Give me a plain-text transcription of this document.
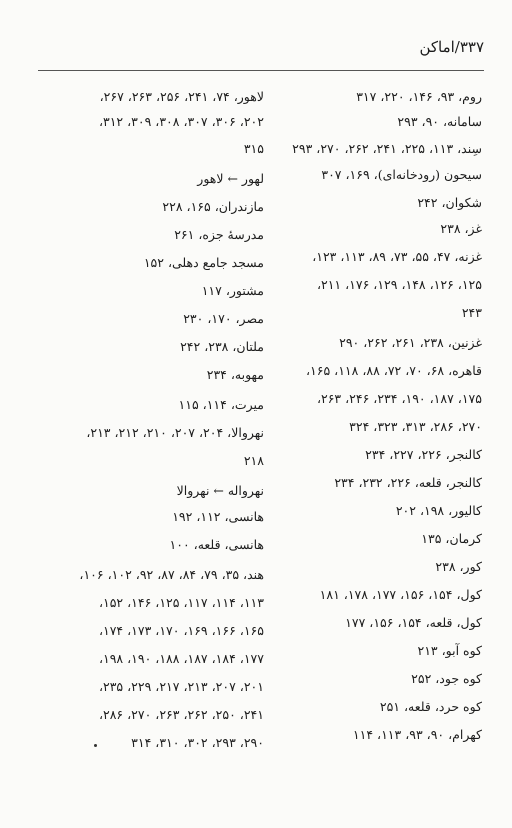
۳۳۷/اماکن
روم، ۹۳، ۱۴۶، ۲۲۰، ۳۱۷
سامانه، ۹۰، ۲۹۳
سِند، ۱۱۳، ۲۲۵، ۲۴۱، ۲۶۲، ۲۷۰، ۲۹۳
سیحون (رودخانه‌ای)، ۱۶۹، ۳۰۷
شکوان، ۲۴۲
غز، ۲۳۸
غزنه، ۴۷، ۵۵، ۷۳، ۸۹، ۱۱۳، ۱۲۳،
۱۲۵، ۱۲۶، ۱۴۸، ۱۲۹، ۱۷۶، ۲۱۱،
۲۴۳
غزنین، ۲۳۸، ۲۶۱، ۲۶۲، ۲۹۰
قاهره، ۶۸، ۷۰، ۷۲، ۸۸، ۱۱۸، ۱۶۵،
۱۷۵، ۱۸۷، ۱۹۰، ۲۳۴، ۲۴۶، ۲۶۳،
۲۷۰، ۲۸۶، ۳۱۳، ۳۲۳، ۳۲۴
کالنجر، ۲۲۶، ۲۲۷، ۲۳۴
کالنجر، قلعه، ۲۲۶، ۲۳۲، ۲۳۴
کالیور، ۱۹۸، ۲۰۲
کرمان، ۱۳۵
کور، ۲۳۸
کول، ۱۵۴، ۱۵۶، ۱۷۷، ۱۷۸، ۱۸۱
کول، قلعه، ۱۵۴، ۱۵۶، ۱۷۷
کوه آبو، ۲۱۳
کوه جود، ۲۵۲
کوه حرد، قلعه، ۲۵۱
کهرام، ۹۰، ۹۳، ۱۱۳، ۱۱۴
لاهور، ۷۴، ۲۴۱، ۲۵۶، ۲۶۳، ۲۶۷،
۲۰۲، ۳۰۶، ۳۰۷، ۳۰۸، ۳۰۹، ۳۱۲،
۳۱۵
لهور ← لاهور
مازندران، ۱۶۵، ۲۲۸
مدرسهٔ جزه، ۲۶۱
مسجد جامع دهلی، ۱۵۲
مشتور، ۱۱۷
مصر، ۱۷۰، ۲۳۰
ملتان، ۲۳۸، ۲۴۲
مهوبه، ۲۳۴
میرت، ۱۱۴، ۱۱۵
نهروالا، ۲۰۴، ۲۰۷، ۲۱۰، ۲۱۲، ۲۱۳،
۲۱۸
نهرواله ← نهروالا
هانسی، ۱۱۲، ۱۹۲
هانسی، قلعه، ۱۰۰
هند، ۳۵، ۷۹، ۸۴، ۸۷، ۹۲، ۱۰۲، ۱۰۶،
۱۱۳، ۱۱۴، ۱۱۷، ۱۲۵، ۱۴۶، ۱۵۲،
۱۶۵، ۱۶۶، ۱۶۹، ۱۷۰، ۱۷۳، ۱۷۴،
۱۷۷، ۱۸۴، ۱۸۷، ۱۸۸، ۱۹۰، ۱۹۸،
۲۰۱، ۲۰۷، ۲۱۳، ۲۱۷، ۲۲۹، ۲۳۵،
۲۴۱، ۲۵۰، ۲۶۲، ۲۶۳، ۲۷۰، ۲۸۶،
۲۹۰، ۲۹۳، ۳۰۲، ۳۱۰، ۳۱۴
